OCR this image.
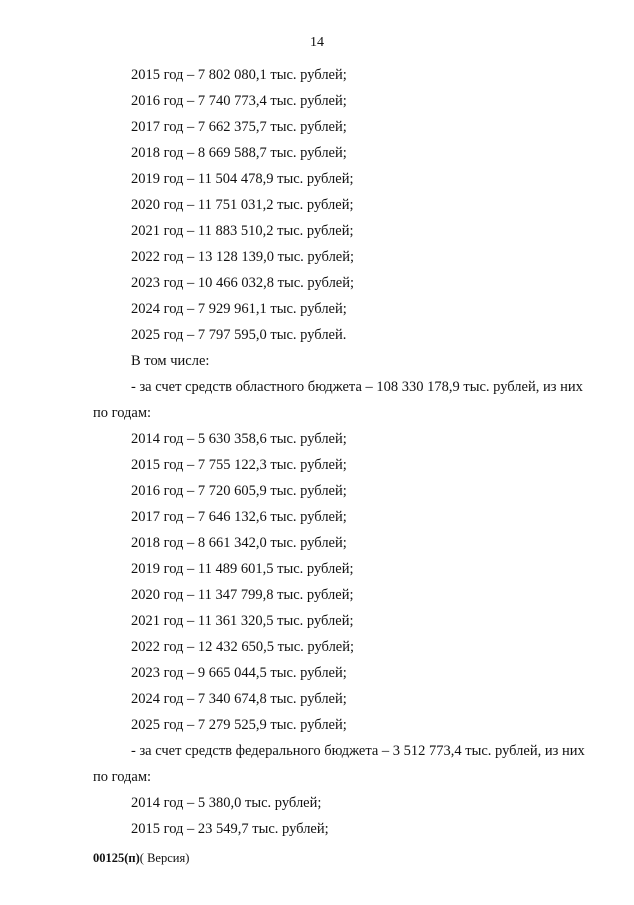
14
2015 год – 7 802 080,1 тыс. рублей;
2016 год – 7 740 773,4 тыс. рублей;
2017 год – 7 662 375,7 тыс. рублей;
2018 год – 8 669 588,7 тыс. рублей;
2019 год – 11 504 478,9 тыс. рублей;
2020 год – 11 751 031,2 тыс. рублей;
2021 год – 11 883 510,2 тыс. рублей;
2022 год – 13 128 139,0 тыс. рублей;
2023 год – 10 466 032,8 тыс. рублей;
2024 год – 7 929 961,1 тыс. рублей;
2025 год – 7 797 595,0 тыс. рублей.
В том числе:
- за счет средств областного бюджета – 108 330 178,9 тыс. рублей, из них
по годам:
2014 год – 5 630 358,6 тыс. рублей;
2015 год – 7 755 122,3 тыс. рублей;
2016 год – 7 720 605,9 тыс. рублей;
2017 год – 7 646 132,6 тыс. рублей;
2018 год – 8 661 342,0 тыс. рублей;
2019 год – 11 489 601,5 тыс. рублей;
2020 год – 11 347 799,8 тыс. рублей;
2021 год – 11 361 320,5 тыс. рублей;
2022 год – 12 432 650,5 тыс. рублей;
2023 год – 9 665 044,5 тыс. рублей;
2024 год – 7 340 674,8 тыс. рублей;
2025 год – 7 279 525,9 тыс. рублей;
- за счет средств федерального бюджета – 3 512 773,4 тыс. рублей, из них
по годам:
2014 год – 5 380,0 тыс. рублей;
2015 год – 23 549,7 тыс. рублей;
00125(п)( Версия)
